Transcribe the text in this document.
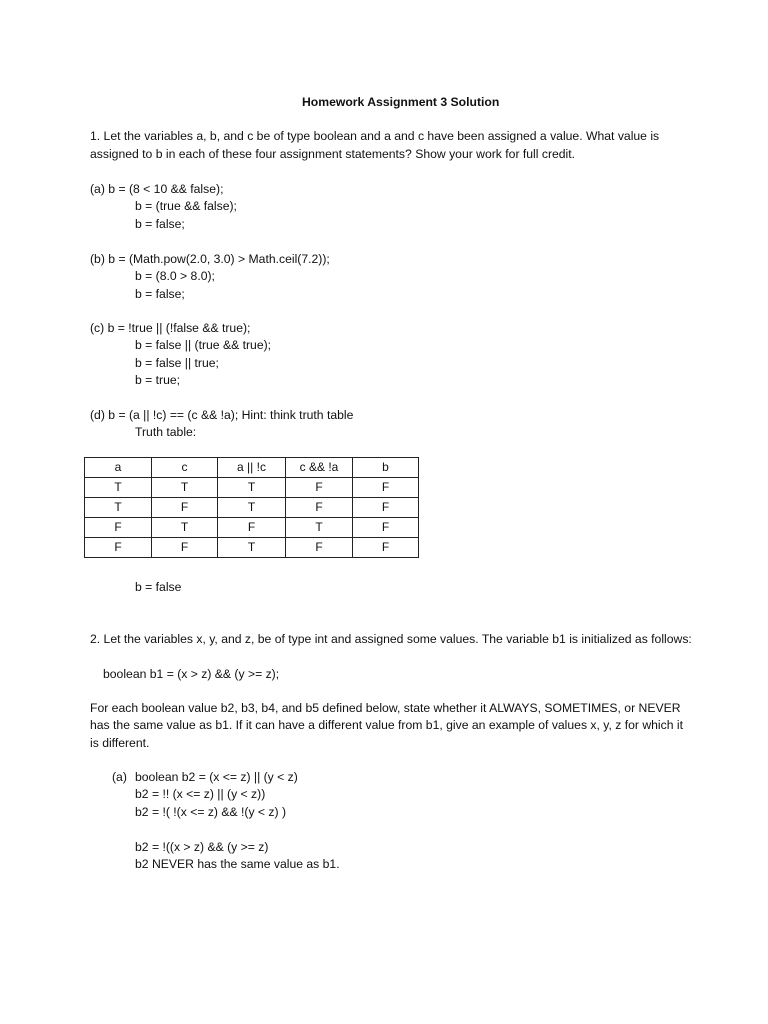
Homework Assignment 3 Solution
1. Let the variables a, b, and c be of type boolean and a and c have been assigned a value. What value is
assigned to b in each of these four assignment statements? Show your work for full credit.
(a) b = (8 < 10 && false);
b = (true && false);
b = false;
(b) b = (Math.pow(2.0, 3.0) > Math.ceil(7.2));
b = (8.0 > 8.0);
b = false;
(c) b = !true || (!false && true);
b = false || (true && true);
b = false || true;
b = true;
(d) b = (a || !c) == (c && !a); Hint: think truth table
Truth table:
a	c	a || !c	c && !a	b
T	T	T	F	F
T	F	T	F	F
F	T	F	T	F
F	F	T	F	F
b = false
2. Let the variables x, y, and z, be of type int and assigned some values. The variable b1 is initialized as follows:
boolean b1 = (x > z) && (y >= z);
For each boolean value b2, b3, b4, and b5 defined below, state whether it ALWAYS, SOMETIMES, or NEVER
has the same value as b1. If it can have a different value from b1, give an example of values x, y, z for which it
is different.
(a) boolean b2 = (x <= z) || (y < z)
b2 = !! (x <= z) || (y < z))
b2 = !( !(x <= z) && !(y < z) )
b2 = !((x > z) && (y >= z)
b2 NEVER has the same value as b1.
